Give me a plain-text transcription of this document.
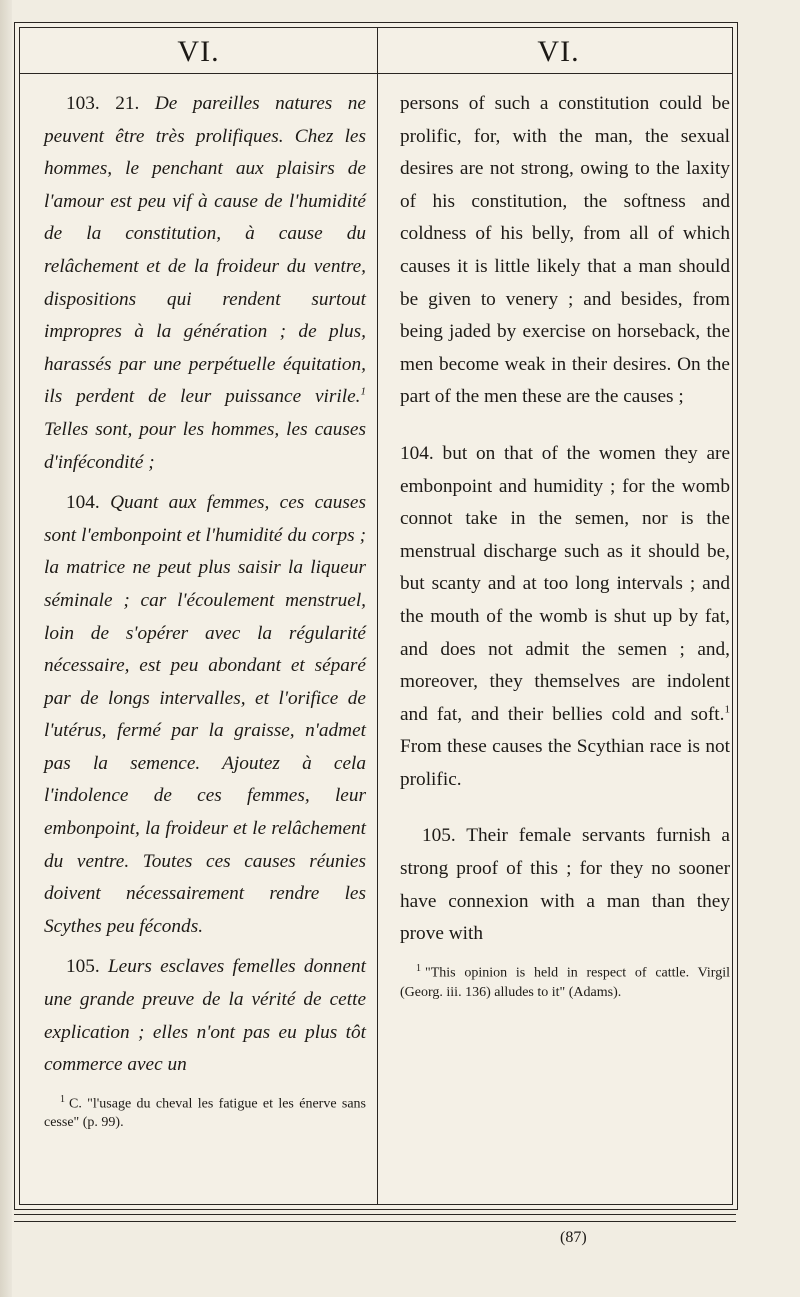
VI.	VI.

103. 21. De pareilles natures ne peuvent être très prolifiques. Chez les hommes, le penchant aux plaisirs de l'amour est peu vif à cause de l'humidité de la constitution, à cause du relâchement et de la froideur du ventre, dispositions qui rendent surtout impropres à la génération ; de plus, harassés par une perpétuelle équitation, ils perdent de leur puissance virile.$^1$ Telles sont, pour les hommes, les causes d'infécondité ;

104. Quant aux femmes, ces causes sont l'embonpoint et l'humidité du corps ; la matrice ne peut plus saisir la liqueur séminale ; car l'écoulement menstruel, loin de s'opérer avec la régularité nécessaire, est peu abondant et séparé par de longs intervalles, et l'orifice de l'utérus, fermé par la graisse, n'admet pas la semence. Ajoutez à cela l'indolence de ces femmes, leur embonpoint, la froideur et le relâchement du ventre. Toutes ces causes réunies doivent nécessairement rendre les Scythes peu féconds.

105. Leurs esclaves femelles donnent une grande preuve de la vérité de cette explication ; elles n'ont pas eu plus tôt commerce avec un

$^1$ C. "l'usage du cheval les fatigue et les énerve sans cesse" (p. 99).

persons of such a constitution could be prolific, for, with the man, the sexual desires are not strong, owing to the laxity of his constitution, the softness and coldness of his belly, from all of which causes it is little likely that a man should be given to venery ; and besides, from being jaded by exercise on horseback, the men become weak in their desires. On the part of the men these are the causes ;

104. but on that of the women they are embonpoint and humidity ; for the womb connot take in the semen, nor is the menstrual discharge such as it should be, but scanty and at too long intervals ; and the mouth of the womb is shut up by fat, and does not admit the semen ; and, moreover, they themselves are indolent and fat, and their bellies cold and soft.$^1$ From these causes the Scythian race is not prolific.

105. Their female servants furnish a strong proof of this ; for they no sooner have connexion with a man than they prove with

$^1$ "This opinion is held in respect of cattle. Virgil (Georg. iii. 136) alludes to it" (Adams).
(87)
